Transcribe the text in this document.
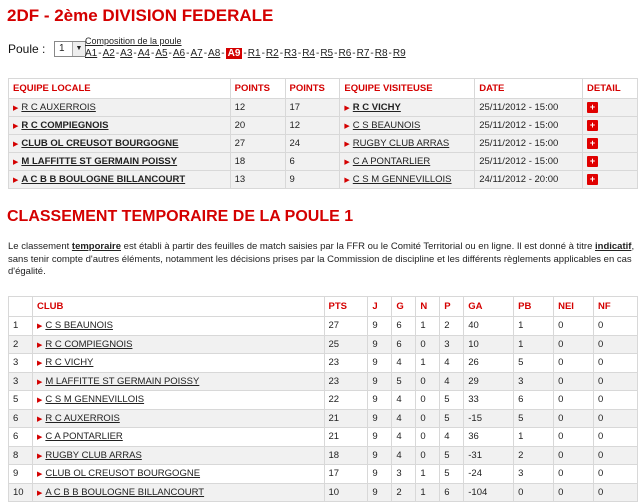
2DF - 2ème DIVISION FEDERALE
Poule : 1	▼
Composition de la poule
A1 - A2 - A3 - A4 - A5 - A6 - A7 - A8 - A9 - R1 - R2 - R3 - R4 - R5 - R6 - R7 - R8 - R9
EQUIPE LOCALE	POINTS	POINTS	EQUIPE VISITEUSE	DATE	DETAIL
▶ R C AUXERROIS	12	17	▶ R C VICHY	25/11/2012 - 15:00	+
▶ R C COMPIEGNOIS	20	12	▶ C S BEAUNOIS	25/11/2012 - 15:00	+
▶ CLUB OL CREUSOT BOURGOGNE	27	24	▶ RUGBY CLUB ARRAS	25/11/2012 - 15:00	+
▶ M LAFFITTE ST GERMAIN POISSY	18	6	▶ C A PONTARLIER	25/11/2012 - 15:00	+
▶ A C B B BOULOGNE BILLANCOURT	13	9	▶ C S M GENNEVILLOIS	24/11/2012 - 20:00	+
CLASSEMENT TEMPORAIRE DE LA POULE 1
Le classement temporaire est établi à partir des feuilles de match saisies par la FFR ou le Comité Territorial ou en ligne. Il est donné à titre indicatif, sans tenir compte d'autres éléments, notamment les décisions prises par la Commission de discipline et les différents règlements applicables en cas d'égalité.
	CLUB	PTS	J	G	N	P	GA	PB	NEI	NF
1	▶ C S BEAUNOIS	27	9	6	1	2	40	1	0	0
2	▶ R C COMPIEGNOIS	25	9	6	0	3	10	1	0	0
3	▶ R C VICHY	23	9	4	1	4	26	5	0	0
3	▶ M LAFFITTE ST GERMAIN POISSY	23	9	5	0	4	29	3	0	0
5	▶ C S M GENNEVILLOIS	22	9	4	0	5	33	6	0	0
6	▶ R C AUXERROIS	21	9	4	0	5	-15	5	0	0
6	▶ C A PONTARLIER	21	9	4	0	4	36	1	0	0
8	▶ RUGBY CLUB ARRAS	18	9	4	0	5	-31	2	0	0
9	▶ CLUB OL CREUSOT BOURGOGNE	17	9	3	1	5	-24	3	0	0
10	▶ A C B B BOULOGNE BILLANCOURT	10	9	2	1	6	-104	0	0	0
